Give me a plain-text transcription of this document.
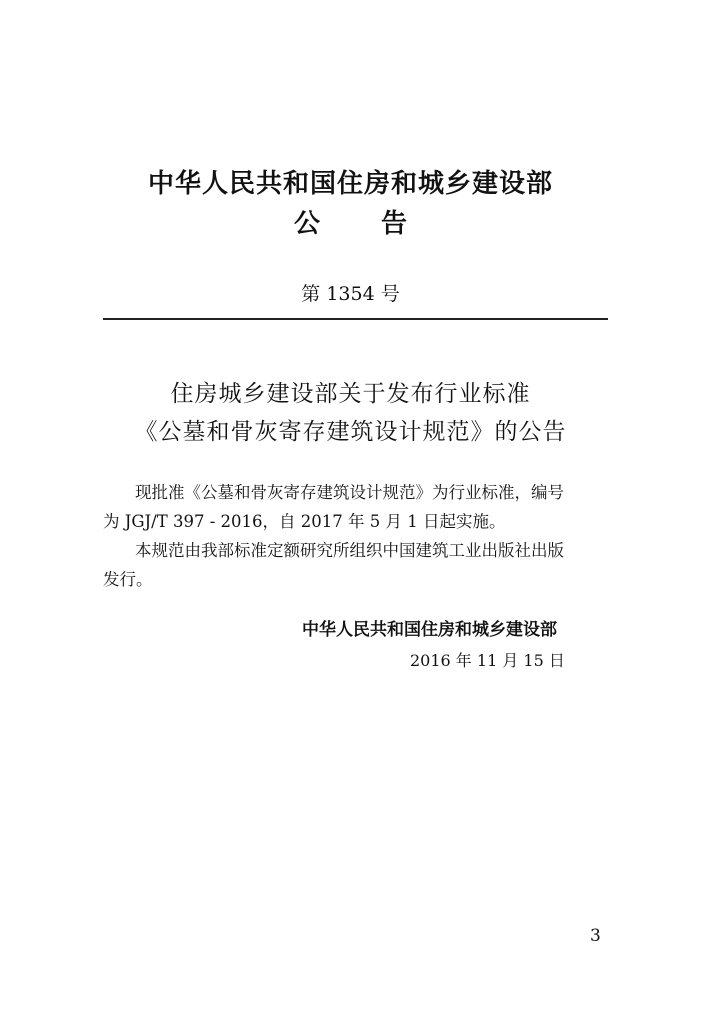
中华人民共和国住房和城乡建设部
公 告
第 1354 号
住房城乡建设部关于发布行业标准
《公墓和骨灰寄存建筑设计规范》的公告
现批准《公墓和骨灰寄存建筑设计规范》为行业标准，编号
为 JGJ/T 397 - 2016，自 2017 年 5 月 1 日起实施。
本规范由我部标准定额研究所组织中国建筑工业出版社出版
发行。
中华人民共和国住房和城乡建设部
2016 年 11 月 15 日
3
